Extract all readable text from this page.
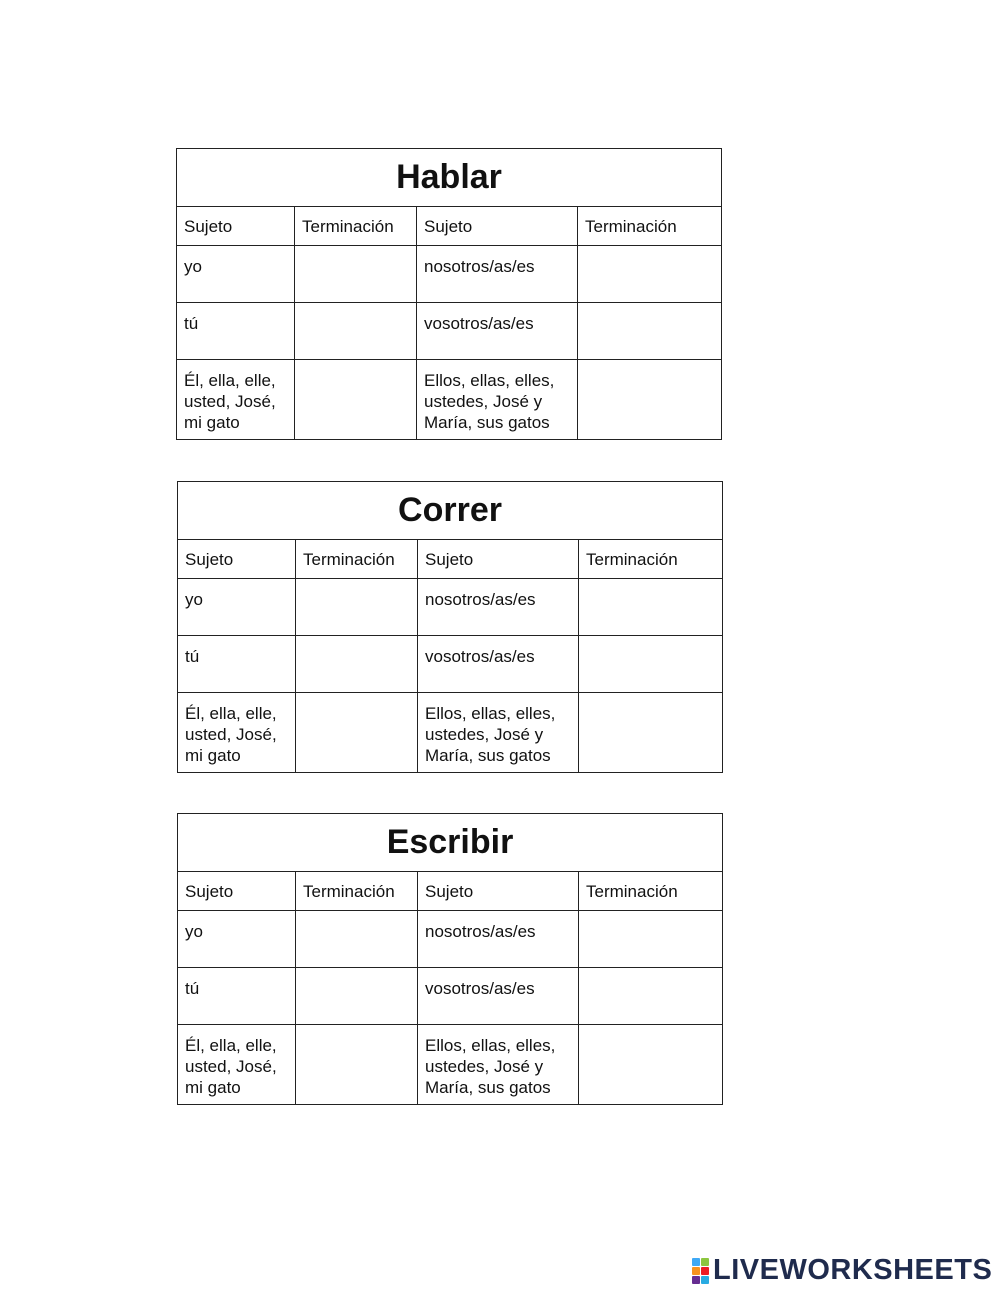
Hablar			
Sujeto	Terminación	Sujeto	Terminación
yo		nosotros/as/es	
tú		vosotros/as/es	
Él, ella, elle, usted, José, mi gato		Ellos, ellas, elles, ustedes, José y María, sus gatos	
Correr			
Sujeto	Terminación	Sujeto	Terminación
yo		nosotros/as/es	
tú		vosotros/as/es	
Él, ella, elle, usted, José, mi gato		Ellos, ellas, elles, ustedes, José y María, sus gatos	
Escribir			
Sujeto	Terminación	Sujeto	Terminación
yo		nosotros/as/es	
tú		vosotros/as/es	
Él, ella, elle, usted, José, mi gato		Ellos, ellas, elles, ustedes, José y María, sus gatos	
LIVEWORKSHEETS
